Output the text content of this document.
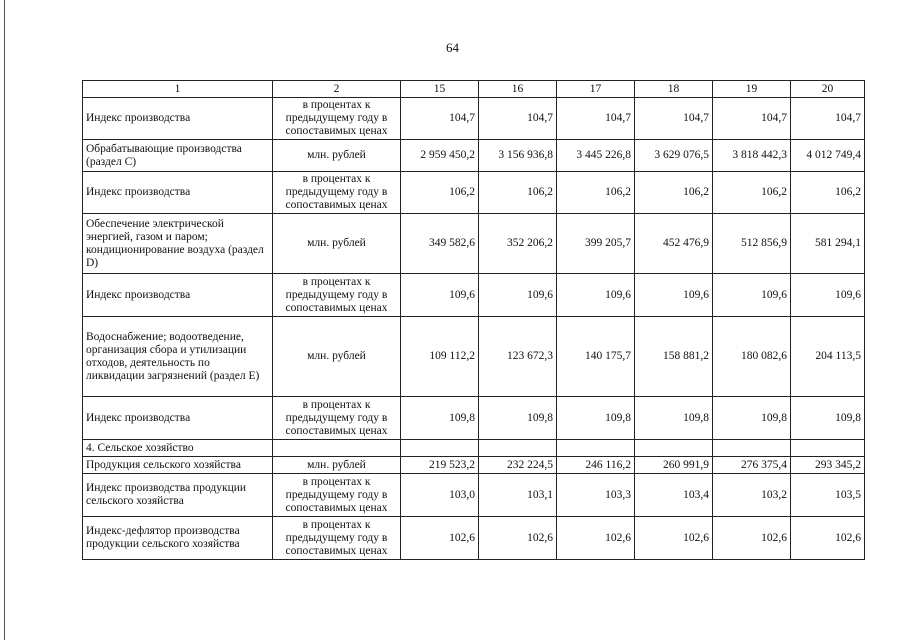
64
1	2	15	16	17	18	19	20
Индекс производства	в процентах к предыдущему году в сопоставимых ценах	104,7	104,7	104,7	104,7	104,7	104,7
Обрабатывающие производства (раздел С)	млн. рублей	2 959 450,2	3 156 936,8	3 445 226,8	3 629 076,5	3 818 442,3	4 012 749,4
Индекс производства	в процентах к предыдущему году в сопоставимых ценах	106,2	106,2	106,2	106,2	106,2	106,2
Обеспечение электрической энергией, газом и паром; кондиционирование воздуха (раздел D)	млн. рублей	349 582,6	352 206,2	399 205,7	452 476,9	512 856,9	581 294,1
Индекс производства	в процентах к предыдущему году в сопоставимых ценах	109,6	109,6	109,6	109,6	109,6	109,6
Водоснабжение; водоотведение, организация сбора и утилизации отходов, деятельность по ликвидации загрязнений (раздел E)	млн. рублей	109 112,2	123 672,3	140 175,7	158 881,2	180 082,6	204 113,5
Индекс производства	в процентах к предыдущему году в сопоставимых ценах	109,8	109,8	109,8	109,8	109,8	109,8
4. Сельское хозяйство							
Продукция сельского хозяйства	млн. рублей	219 523,2	232 224,5	246 116,2	260 991,9	276 375,4	293 345,2
Индекс производства продукции сельского хозяйства	в процентах к предыдущему году в сопоставимых ценах	103,0	103,1	103,3	103,4	103,2	103,5
Индекс-дефлятор производства продукции сельского хозяйства	в процентах к предыдущему году в сопоставимых ценах	102,6	102,6	102,6	102,6	102,6	102,6
